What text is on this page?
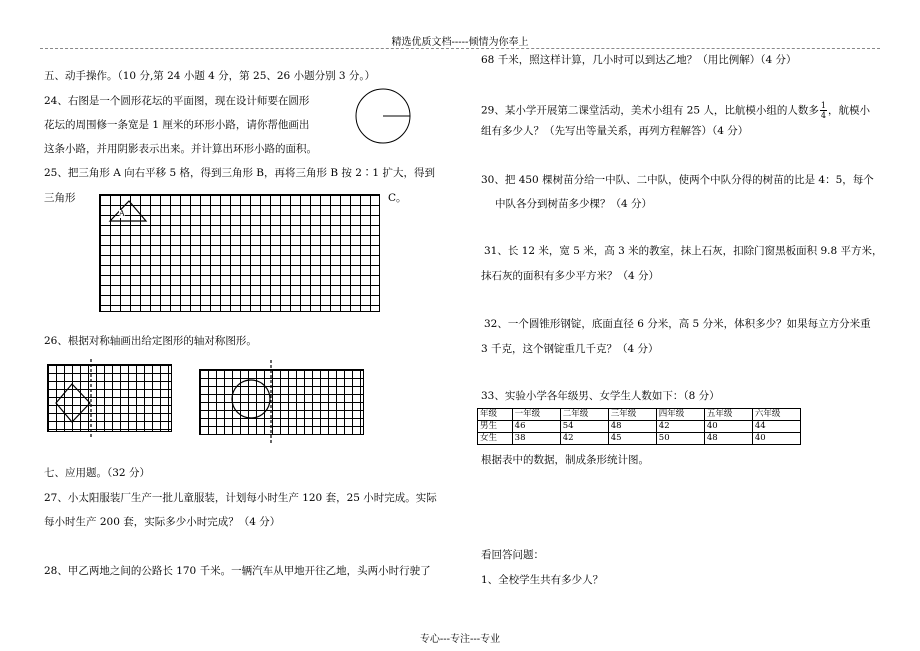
精选优质文档-----倾情为你奉上
专心---专注---专业
五、动手操作。（10 分,第 24 小题 4 分，第 25、26 小题分别 3 分。）
24、右图是一个圆形花坛的平面图，现在设计师要在圆形
花坛的周围修一条宽是 1 厘米的环形小路，请你帮他画出
这条小路，并用阴影表示出来。并计算出环形小路的面积。
25、把三角形 A 向右平移 5 格，得到三角形 B，再将三角形 B 按 2∶1 扩大，得到
三角形	C。
A
26、根据对称轴画出给定图形的轴对称图形。
七、应用题。（32 分）
27、小太阳服装厂生产一批儿童服装，计划每小时生产 120 套，25 小时完成。实际
每小时生产 200 套，实际多少小时完成？（4 分）
28、甲乙两地之间的公路长 170 千米。一辆汽车从甲地开往乙地，头两小时行驶了
68 千米，照这样计算，几小时可以到达乙地？（用比例解）（4 分）
29、某小学开展第二课堂活动，美术小组有 25 人，比航模小组的人数多 $\frac{1}{4}$ ，航模小
组有多少人？（先写出等量关系，再列方程解答）（4 分）
30、把 450 棵树苗分给一中队、二中队，使两个中队分得的树苗的比是 4：5，每个
中队各分到树苗多少棵？（4 分）
31、长 12 米，宽 5 米，高 3 米的教室，抹上石灰，扣除门窗黑板面积 9.8 平方米，
抹石灰的面积有多少平方米？（4 分）
32、一个圆锥形钢锭，底面直径 6 分米，高 5 分米，体积多少？如果每立方分米重
3 千克，这个钢锭重几千克？（4 分）
33、实验小学各年级男、女学生人数如下：（8 分）
年级	一年级	二年级	三年级	四年级	五年级	六年级
男生	46	54	48	42	40	44
女生	38	42	45	50	48	40
根据表中的数据，制成条形统计图。
看回答问题：
1、全校学生共有多少人？
